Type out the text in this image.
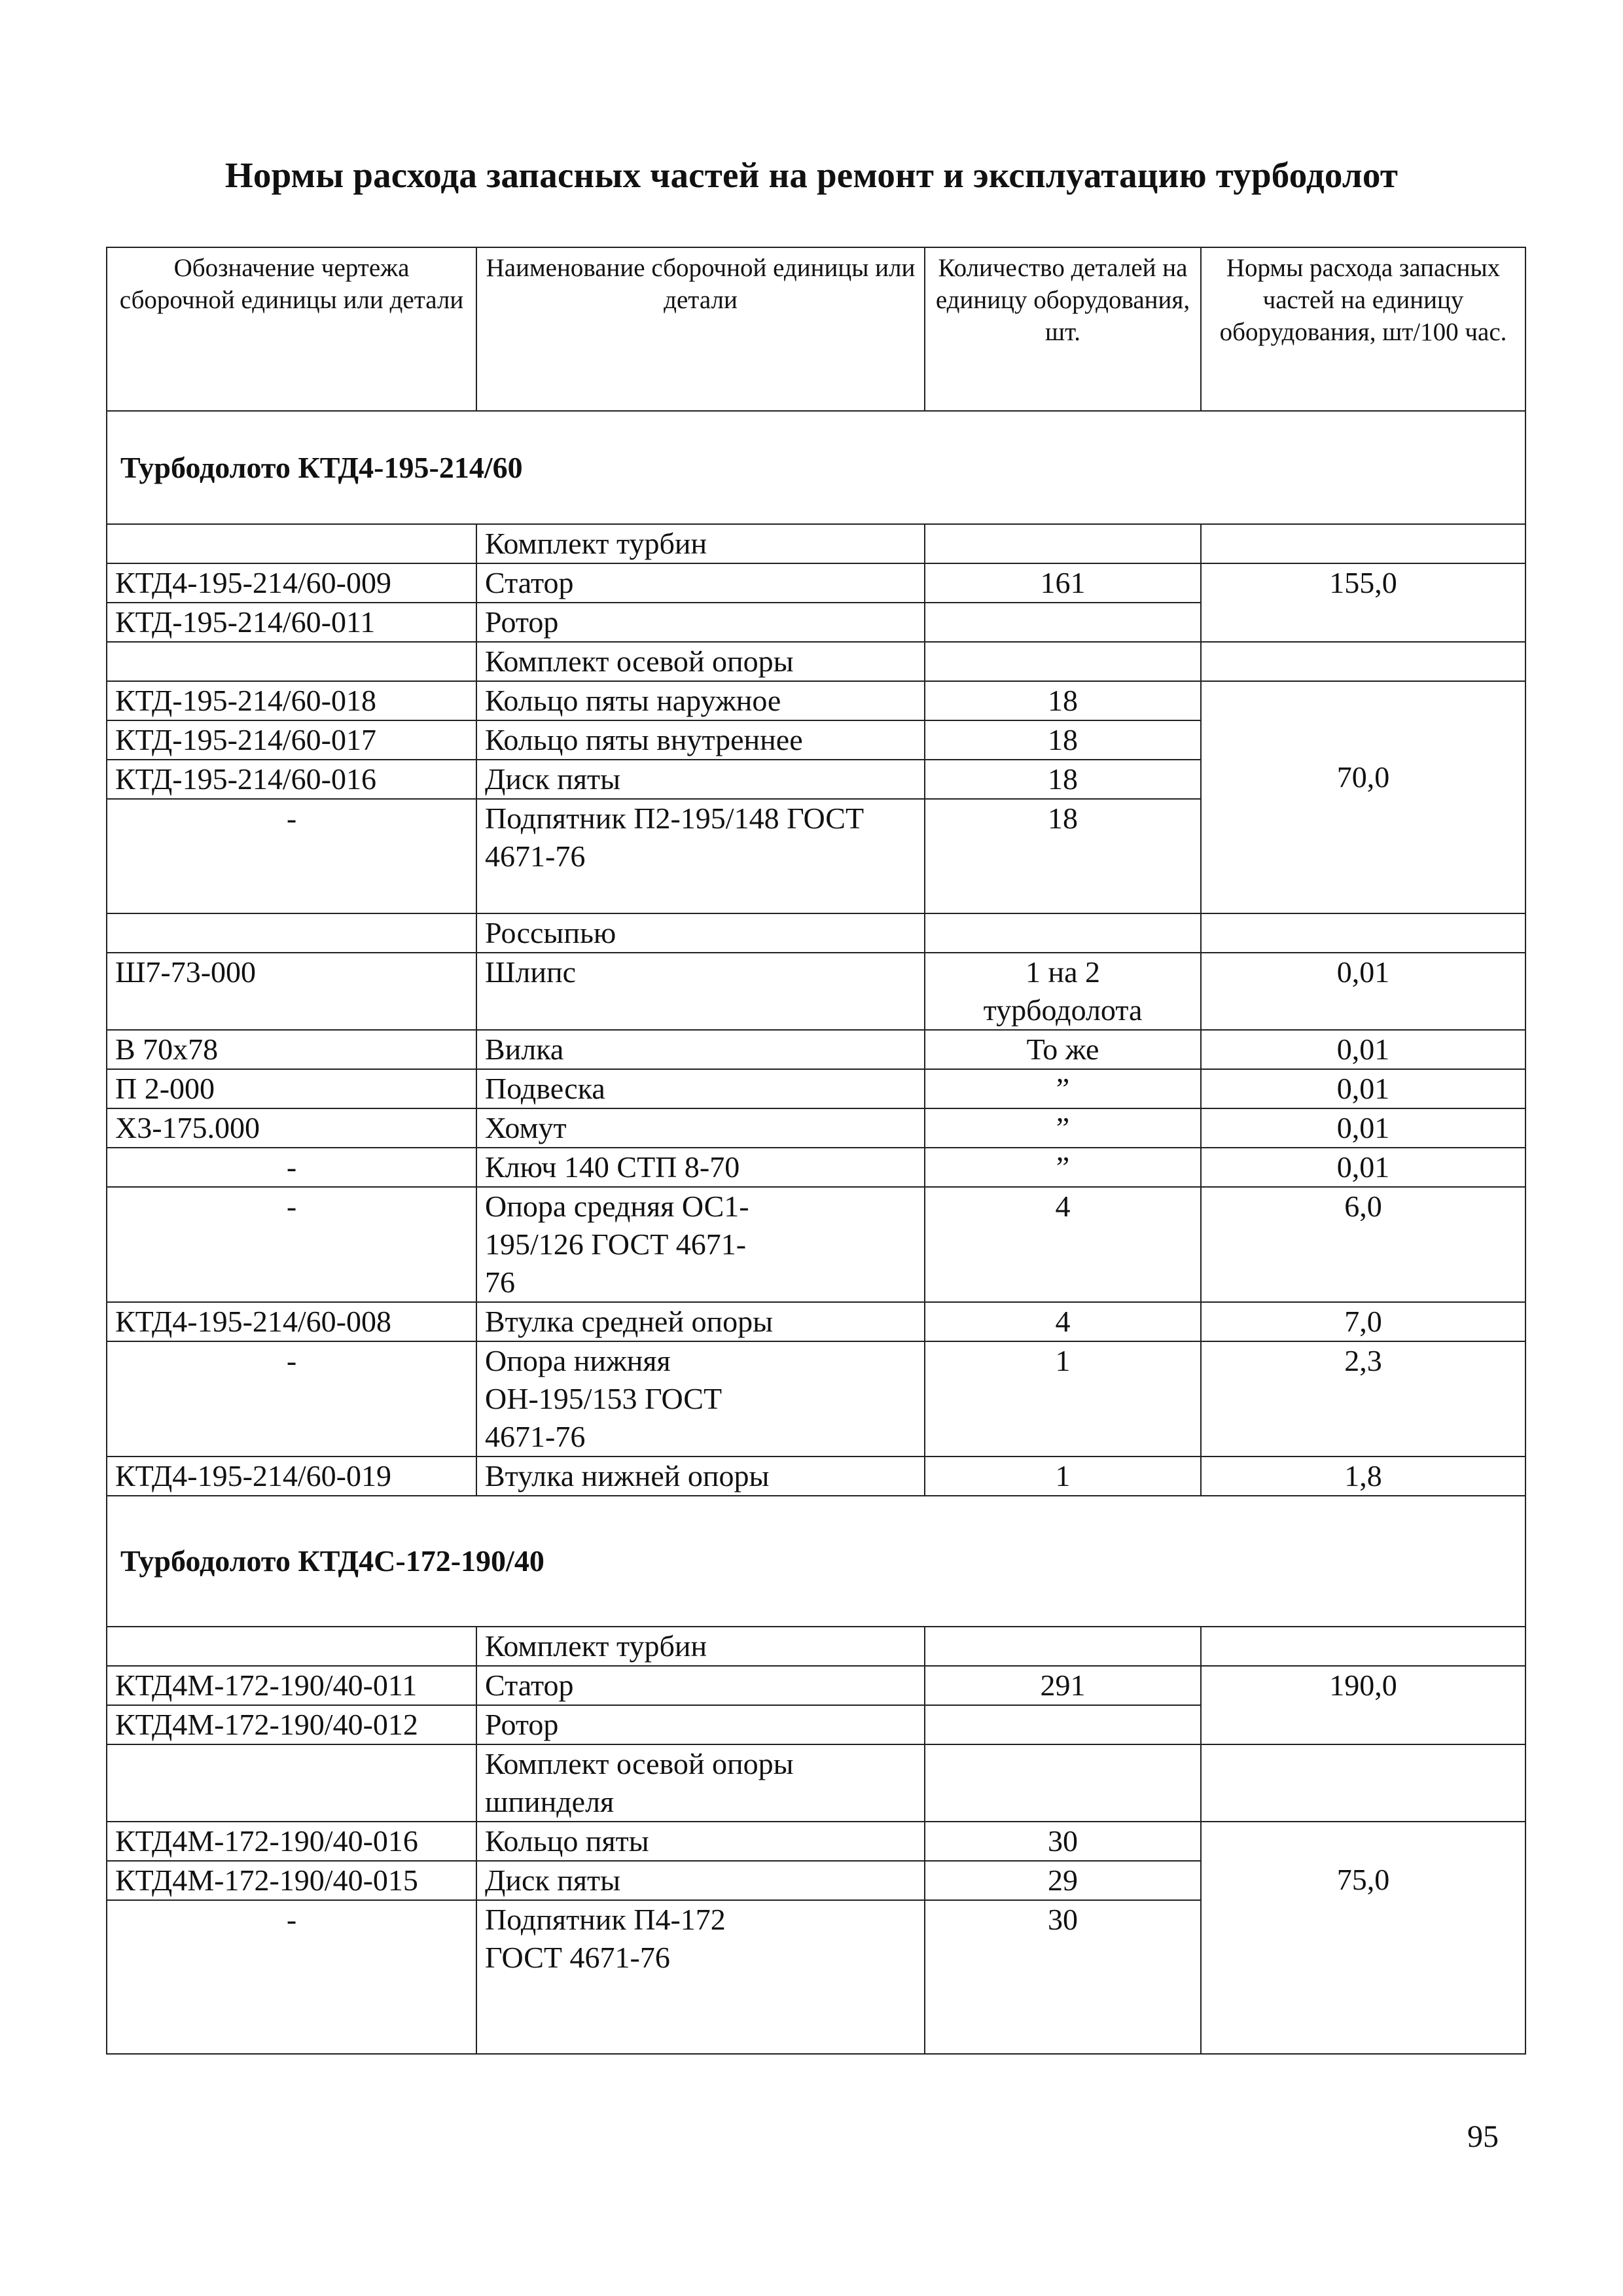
Нормы расхода запасных частей на ремонт и эксплуатацию турбодолот
Обозначение чертежа сборочной единицы или детали	Наименование сборочной единицы или детали	Количество деталей на единицу оборудования, шт.	Нормы расхода запасных частей на единицу оборудования, шт/100 час.
Турбодолото КТД4-195-214/60			
	Комплект турбин		
КТД4-195-214/60-009	Статор	161	155,0
КТД-195-214/60-011	Ротор		
	Комплект осевой опоры		
КТД-195-214/60-018	Кольцо пяты наружное	18	70,0
КТД-195-214/60-017	Кольцо пяты внутреннее	18	
КТД-195-214/60-016	Диск пяты	18	
-	Подпятник П2-195/148 ГОСТ 4671-76	18	
	Россыпью		
Ш7-73-000	Шлипс	1 на 2 турбодолота	0,01
В 70х78	Вилка	То же	0,01
П 2-000	Подвеска	”	0,01
Х3-175.000	Хомут	”	0,01
-	Ключ 140 СТП 8-70	”	0,01
-	Опора средняя ОС1-195/126 ГОСТ 4671-76	4	6,0
КТД4-195-214/60-008	Втулка средней опоры	4	7,0
-	Опора нижняя ОН-195/153 ГОСТ 4671-76	1	2,3
КТД4-195-214/60-019	Втулка нижней опоры	1	1,8
Турбодолото КТД4С-172-190/40			
	Комплект турбин		
КТД4М-172-190/40-011	Статор	291	190,0
КТД4М-172-190/40-012	Ротор		
	Комплект осевой опоры шпинделя		
КТД4М-172-190/40-016	Кольцо пяты	30	75,0
КТД4М-172-190/40-015	Диск пяты	29	
-	Подпятник П4-172 ГОСТ 4671-76	30	
95
